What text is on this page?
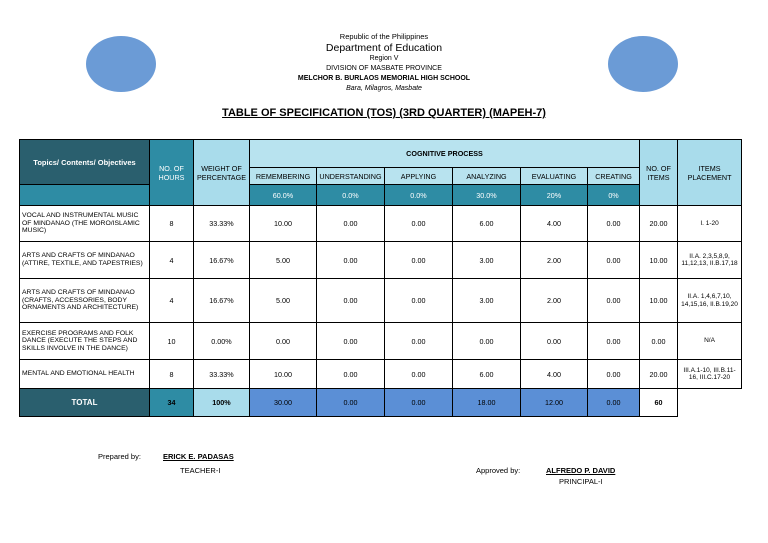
Republic of the Philippines
Department of Education
Region V
DIVISION OF MASBATE PROVINCE
MELCHOR B. BURLAOS MEMORIAL HIGH SCHOOL
Bara, Milagros, Masbate
TABLE OF SPECIFICATION (TOS) (3RD QUARTER) (MAPEH-7)
Topics/ Contents/ Objectives	NO. OF HOURS	WEIGHT OF PERCENTAGE	COGNITIVE PROCESS						NO. OF ITEMS	ITEMS PLACEMENT
			REMEMBERING	UNDERSTANDING	APPLYING	ANALYZING	EVALUATING	CREATING		
			60.0%	0.0%	0.0%	30.0%	20%	0%		
VOCAL AND INSTRUMENTAL MUSIC OF MINDANAO (THE MORO/ISLAMIC MUSIC)	8	33.33%	10.00	0.00	0.00	6.00	4.00	0.00	20.00	I. 1-20
ARTS AND CRAFTS OF MINDANAO (ATTIRE, TEXTILE, AND TAPESTRIES)	4	16.67%	5.00	0.00	0.00	3.00	2.00	0.00	10.00	II.A. 2,3,5,8,9, 11,12,13, II.B.17,18
ARTS AND CRAFTS OF MINDANAO (CRAFTS, ACCESSORIES, BODY ORNAMENTS AND ARCHITECTURE)	4	16.67%	5.00	0.00	0.00	3.00	2.00	0.00	10.00	II.A. 1,4,6,7,10, 14,15,16, II.B.19,20
EXERCISE PROGRAMS AND FOLK DANCE (EXECUTE THE STEPS AND SKILLS INVOLVE IN THE DANCE)	10	0.00%	0.00	0.00	0.00	0.00	0.00	0.00	0.00	N/A
MENTAL AND EMOTIONAL HEALTH	8	33.33%	10.00	0.00	0.00	6.00	4.00	0.00	20.00	III.A.1-10, III.B.11-16, III.C.17-20
TOTAL	34	100%	30.00	0.00	0.00	18.00	12.00	0.00	60	
Prepared by:	ERICK E. PADASAS
TEACHER-I	Approved by:	ALFREDO P. DAVID
PRINCIPAL-I
